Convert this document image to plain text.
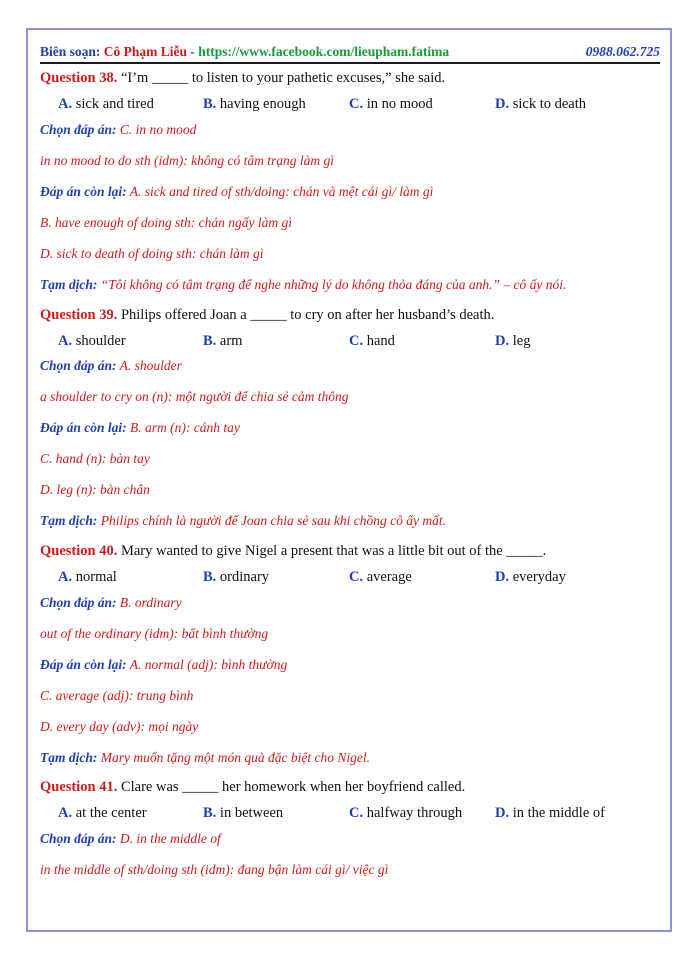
Biên soạn: Cô Phạm Liễu - https://www.facebook.com/lieupham.fatima	0988.062.725
Question 38. “I’m _____ to listen to your pathetic excuses,” she said.
A. sick and tired	B. having enough	C. in no mood	D. sick to death
Chọn đáp án: C. in no mood
in no mood to do sth (idm): không có tâm trạng làm gì
Đáp án còn lại: A. sick and tired of sth/doing: chán và mệt cái gì/ làm gì
B. have enough of doing sth: chán ngấy làm gì
D. sick to death of doing sth: chán làm gì
Tạm dịch: “Tôi không có tâm trạng để nghe những lý do không thỏa đáng của anh.” – cô ấy nói.
Question 39. Philips offered Joan a _____ to cry on after her husband’s death.
A. shoulder	B. arm	C. hand	D. leg
Chọn đáp án: A. shoulder
a shoulder to cry on (n): một người để chia sẻ cảm thông
Đáp án còn lại: B. arm (n): cánh tay
C. hand (n): bàn tay
D. leg (n): bàn chân
Tạm dịch: Philips chính là người để Joan chia sẻ sau khi chồng cô ấy mất.
Question 40. Mary wanted to give Nigel a present that was a little bit out of the _____.
A. normal	B. ordinary	C. average	D. everyday
Chọn đáp án: B. ordinary
out of the ordinary (idm): bất bình thường
Đáp án còn lại: A. normal (adj): bình thường
C. average (adj): trung bình
D. every day (adv): mọi ngày
Tạm dịch: Mary muốn tặng một món quà đặc biệt cho Nigel.
Question 41. Clare was _____ her homework when her boyfriend called.
A. at the center	B. in between	C. halfway through D. in the middle of
Chọn đáp án: D. in the middle of
in the middle of sth/doing sth (idm): đang bận làm cái gì/ việc gì
